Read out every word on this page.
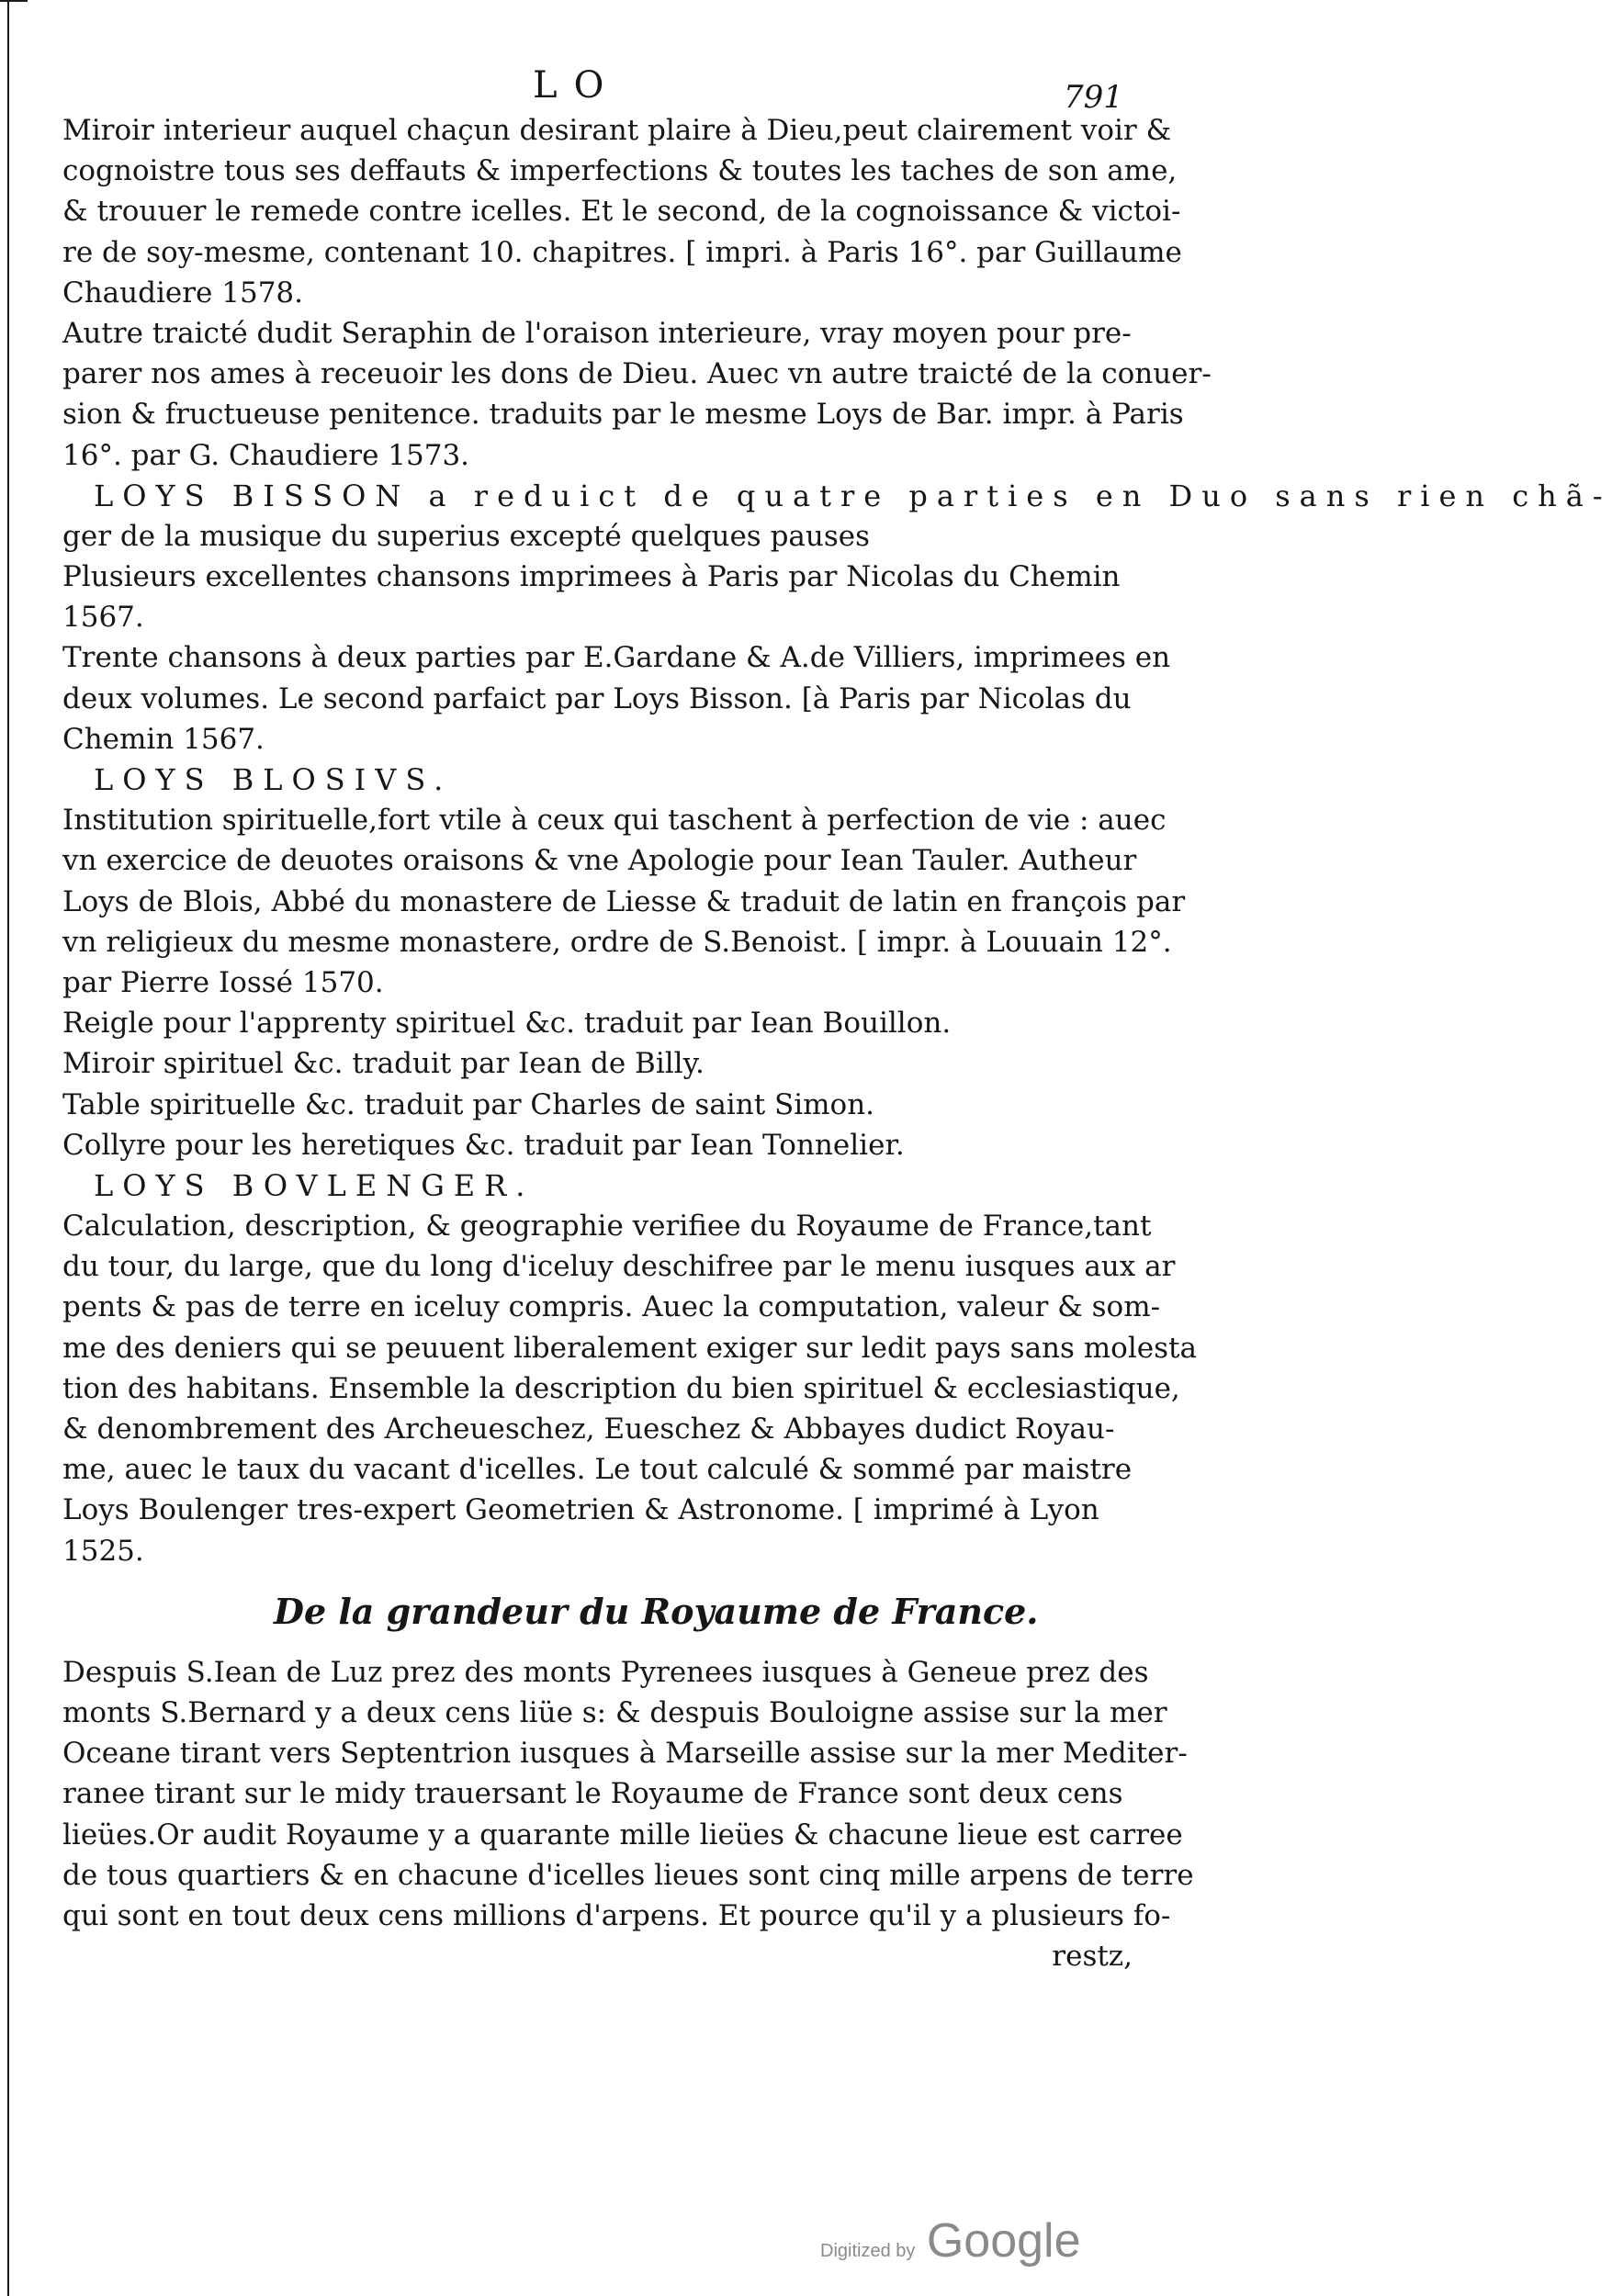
LO	791
Miroir interieur auquel chaçun desirant plaire à Dieu,peut clairement voir &
cognoistre tous ses deffauts & imperfections & toutes les taches de son ame,
& trouuer le remede contre icelles. Et le second, de la cognoissance & victoi-
re de soy-mesme, contenant 10. chapitres. [ impri. à Paris 16°. par Guillaume
Chaudiere 1578.
Autre traicté dudit Seraphin de l'oraison interieure, vray moyen pour pre-
parer nos ames à receuoir les dons de Dieu. Auec vn autre traicté de la conuer-
sion & fructueuse penitence. traduits par le mesme Loys de Bar. impr. à Paris
16°. par G. Chaudiere 1573.
LOYS BISSON a reduict de quatre parties en Duo sans rien chã-
ger de la musique du superius excepté quelques pauses
Plusieurs excellentes chansons imprimees à Paris par Nicolas du Chemin
1567.
Trente chansons à deux parties par E.Gardane & A.de Villiers, imprimees en
deux volumes. Le second parfaict par Loys Bisson. [à Paris par Nicolas du
Chemin 1567.
LOYS BLOSIVS.
Institution spirituelle,fort vtile à ceux qui taschent à perfection de vie : auec
vn exercice de deuotes oraisons & vne Apologie pour Iean Tauler. Autheur
Loys de Blois, Abbé du monastere de Liesse & traduit de latin en françois par
vn religieux du mesme monastere, ordre de S.Benoist. [ impr. à Louuain 12°.
par Pierre Iossé 1570.
Reigle pour l'apprenty spirituel &c. traduit par Iean Bouillon.
Miroir spirituel &c. traduit par Iean de Billy.
Table spirituelle &c. traduit par Charles de saint Simon.
Collyre pour les heretiques &c. traduit par Iean Tonnelier.
LOYS BOVLENGER.
Calculation, description, & geographie verifiee du Royaume de France,tant
du tour, du large, que du long d'iceluy deschifree par le menu iusques aux ar
pents & pas de terre en iceluy compris. Auec la computation, valeur & som-
me des deniers qui se peuuent liberalement exiger sur ledit pays sans molesta
tion des habitans. Ensemble la description du bien spirituel & ecclesiastique,
& denombrement des Archeueschez, Eueschez & Abbayes dudict Royau-
me, auec le taux du vacant d'icelles. Le tout calculé & sommé par maistre
Loys Boulenger tres-expert Geometrien & Astronome. [ imprimé à Lyon
1525.
De la grandeur du Royaume de France.
Despuis S.Iean de Luz prez des monts Pyrenees iusques à Geneue prez des
monts S.Bernard y a deux cens liüe s: & despuis Bouloigne assise sur la mer
Oceane tirant vers Septentrion iusques à Marseille assise sur la mer Mediter-
ranee tirant sur le midy trauersant le Royaume de France sont deux cens
lieües.Or audit Royaume y a quarante mille lieües & chacune lieue est carree
de tous quartiers & en chacune d'icelles lieues sont cinq mille arpens de terre
qui sont en tout deux cens millions d'arpens. Et pource qu'il y a plusieurs fo-
restz,
Digitized by Google
